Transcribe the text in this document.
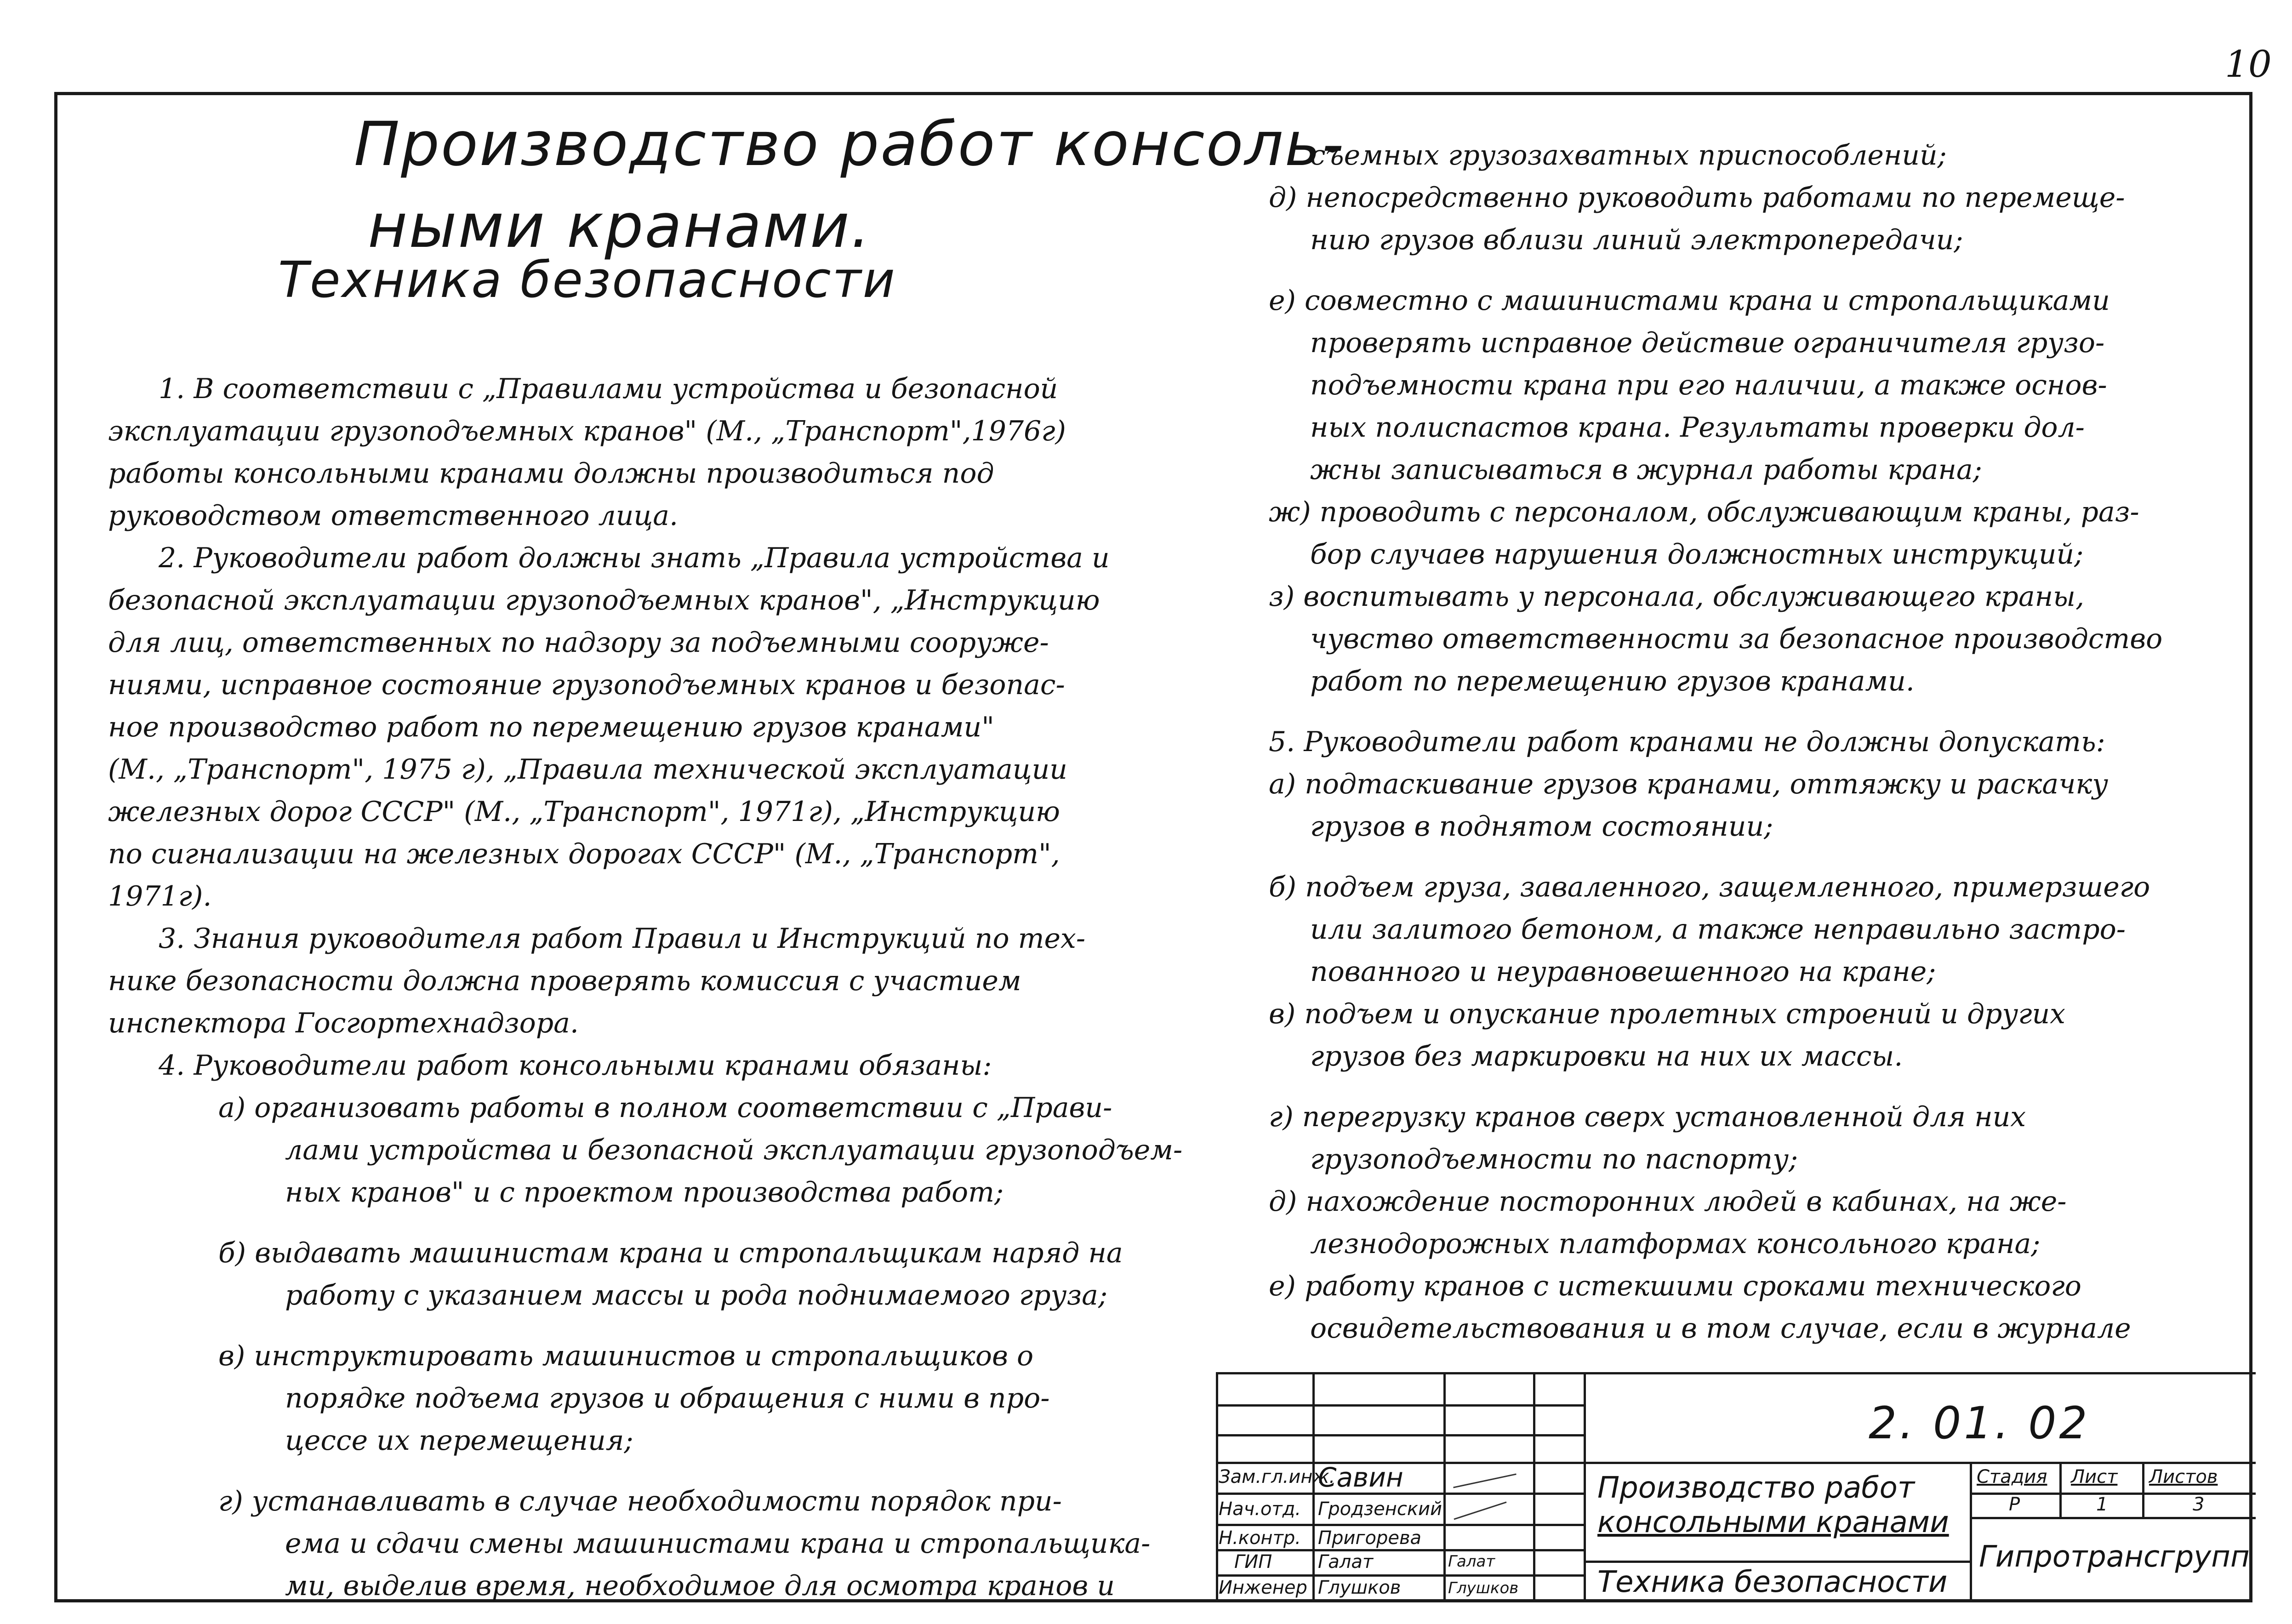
10
Производство работ консоль-
ными кранами.
Техника безопасности
1. В соответствии с „Правилами устройства и безопасной
эксплуатации грузоподъемных кранов" (М., „Транспорт",1976г)
работы консольными кранами должны производиться под
руководством ответственного лица.
2. Руководители работ должны знать „Правила устройства и
безопасной эксплуатации грузоподъемных кранов", „Инструкцию
для лиц, ответственных по надзору за подъемными сооруже-
ниями, исправное состояние грузоподъемных кранов и безопас-
ное производство работ по перемещению грузов кранами"
(М., „Транспорт", 1975 г), „Правила технической эксплуатации
железных дорог СССР" (М., „Транспорт", 1971г), „Инструкцию
по сигнализации на железных дорогах СССР" (М., „Транспорт",
1971г).
3. Знания руководителя работ Правил и Инструкций по тех-
нике безопасности должна проверять комиссия с участием
инспектора Госгортехнадзора.
4. Руководители работ консольными кранами обязаны:
а) организовать работы в полном соответствии с „Прави-
лами устройства и безопасной эксплуатации грузоподъем-
ных кранов" и с проектом производства работ;
б) выдавать машинистам крана и стропальщикам наряд на
работу с указанием массы и рода поднимаемого груза;
в) инструктировать машинистов и стропальщиков о
порядке подъема грузов и обращения с ними в про-
цессе их перемещения;
г) устанавливать в случае необходимости порядок при-
ема и сдачи смены машинистами крана и стропальщика-
ми, выделив время, необходимое для осмотра кранов и
съемных грузозахватных приспособлений;
д) непосредственно руководить работами по перемеще-
нию грузов вблизи линий электропередачи;
е) совместно с машинистами крана и стропальщиками
проверять исправное действие ограничителя грузо-
подъемности крана при его наличии, а также основ-
ных полиспастов крана. Результаты проверки дол-
жны записываться в журнал работы крана;
ж) проводить с персоналом, обслуживающим краны, раз-
бор случаев нарушения должностных инструкций;
з) воспитывать у персонала, обслуживающего краны,
чувство ответственности за безопасное производство
работ по перемещению грузов кранами.
5. Руководители работ кранами не должны допускать:
а) подтаскивание грузов кранами, оттяжку и раскачку
грузов в поднятом состоянии;
б) подъем груза, заваленного, защемленного, примерзшего
или залитого бетоном, а также неправильно застро-
пованного и неуравновешенного на кране;
в) подъем и опускание пролетных строений и других
грузов без маркировки на них их массы.
г) перегрузку кранов сверх установленной для них
грузоподъемности по паспорту;
д) нахождение посторонних людей в кабинах, на же-
лезнодорожных платформах консольного крана;
е) работу кранов с истекшими сроками технического
освидетельствования и в том случае, если в журнале
2. 01. 02
Зам.гл.инж.
Савин
Нач.отд. Гродзенский
Н.контр. Пригорева
ГИП Галат
Инженер Глушков
Галат
Глушков
Производство работ
консольными кранами
Техника безопасности
Стадия Лист Листов
Р	1	3
Гипротрансгрупп
